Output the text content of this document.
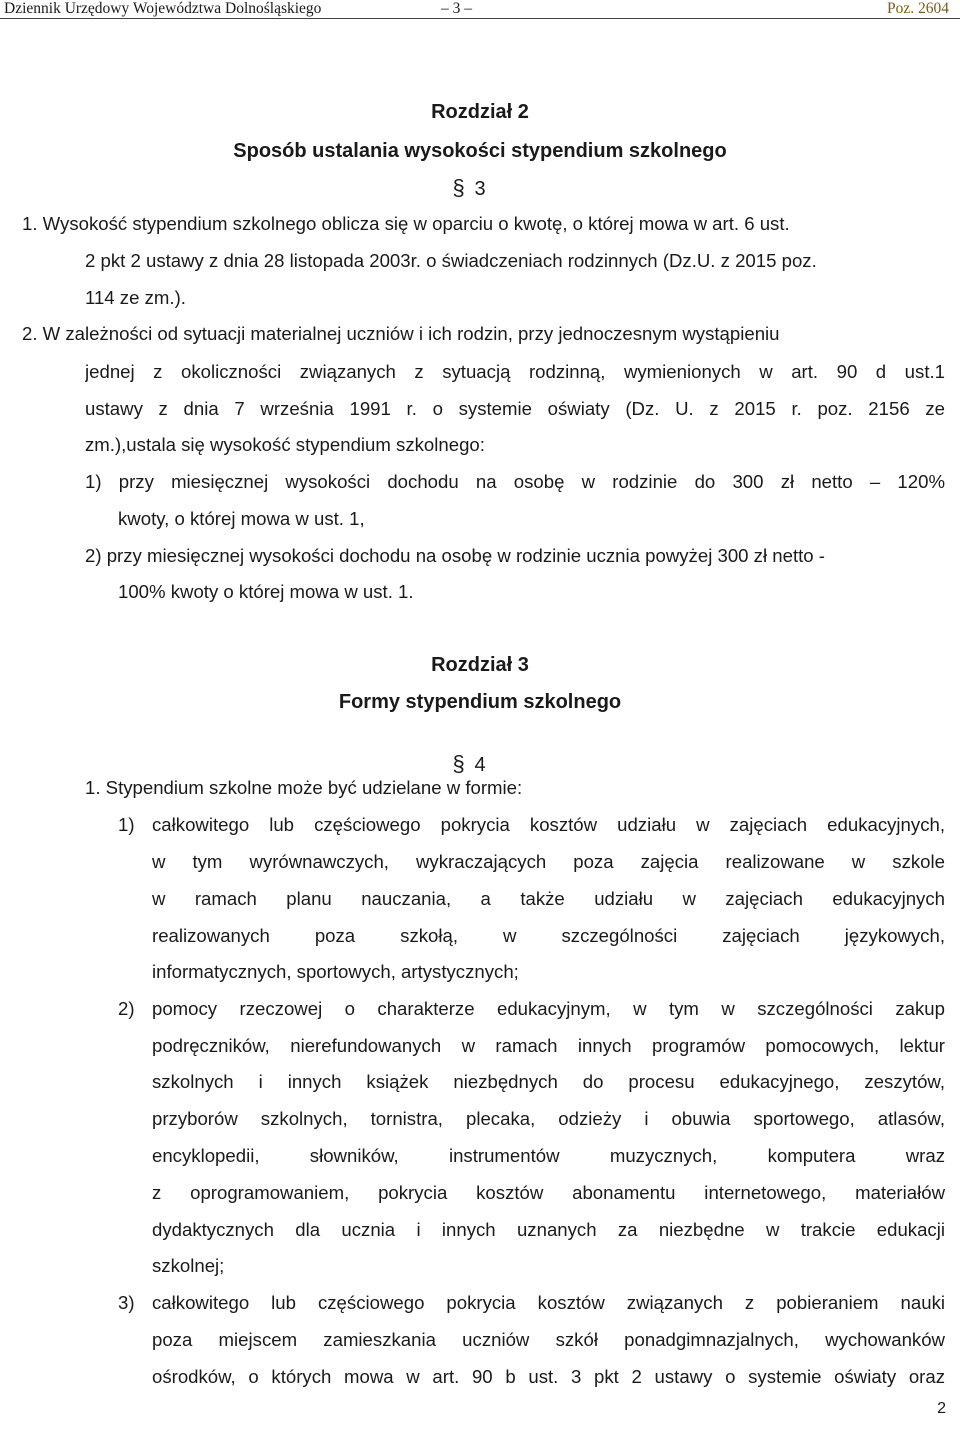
Dziennik Urzędowy Województwa Dolnośląskiego	– 3 –	Poz. 2604
Rozdział 2
Sposób ustalania wysokości stypendium szkolnego
§ 3
1. Wysokość stypendium szkolnego oblicza się w oparciu o kwotę, o której mowa w art. 6 ust.
2 pkt 2 ustawy z dnia 28 listopada 2003r. o świadczeniach rodzinnych (Dz.U. z 2015 poz.
114 ze zm.).
2. W zależności od sytuacji materialnej uczniów i ich rodzin, przy jednoczesnym wystąpieniu
jednej z okoliczności związanych z sytuacją rodzinną, wymienionych w art. 90 d ust.1
ustawy z dnia 7 września 1991 r. o systemie oświaty (Dz. U. z 2015 r. poz. 2156 ze
zm.),ustala się wysokość stypendium szkolnego:
1) przy miesięcznej wysokości dochodu na osobę w rodzinie do 300 zł netto – 120%
kwoty, o której mowa w ust. 1,
2) przy miesięcznej wysokości dochodu na osobę w rodzinie ucznia powyżej 300 zł netto -
100% kwoty o której mowa w ust. 1.
Rozdział 3
Formy stypendium szkolnego
§ 4
1. Stypendium szkolne może być udzielane w formie:
1) całkowitego lub częściowego pokrycia kosztów udziału w zajęciach edukacyjnych,
w tym wyrównawczych, wykraczających poza zajęcia realizowane w szkole
w ramach planu nauczania, a także udziału w zajęciach edukacyjnych
realizowanych poza szkołą, w szczególności zajęciach językowych,
informatycznych, sportowych, artystycznych;
2) pomocy rzeczowej o charakterze edukacyjnym, w tym w szczególności zakup
podręczników, nierefundowanych w ramach innych programów pomocowych, lektur
szkolnych i innych książek niezbędnych do procesu edukacyjnego, zeszytów,
przyborów szkolnych, tornistra, plecaka, odzieży i obuwia sportowego, atlasów,
encyklopedii, słowników, instrumentów muzycznych, komputera wraz
z oprogramowaniem, pokrycia kosztów abonamentu internetowego, materiałów
dydaktycznych dla ucznia i innych uznanych za niezbędne w trakcie edukacji
szkolnej;
3) całkowitego lub częściowego pokrycia kosztów związanych z pobieraniem nauki
poza miejscem zamieszkania uczniów szkół ponadgimnazjalnych, wychowanków
ośrodków, o których mowa w art. 90 b ust. 3 pkt 2 ustawy o systemie oświaty oraz
2
